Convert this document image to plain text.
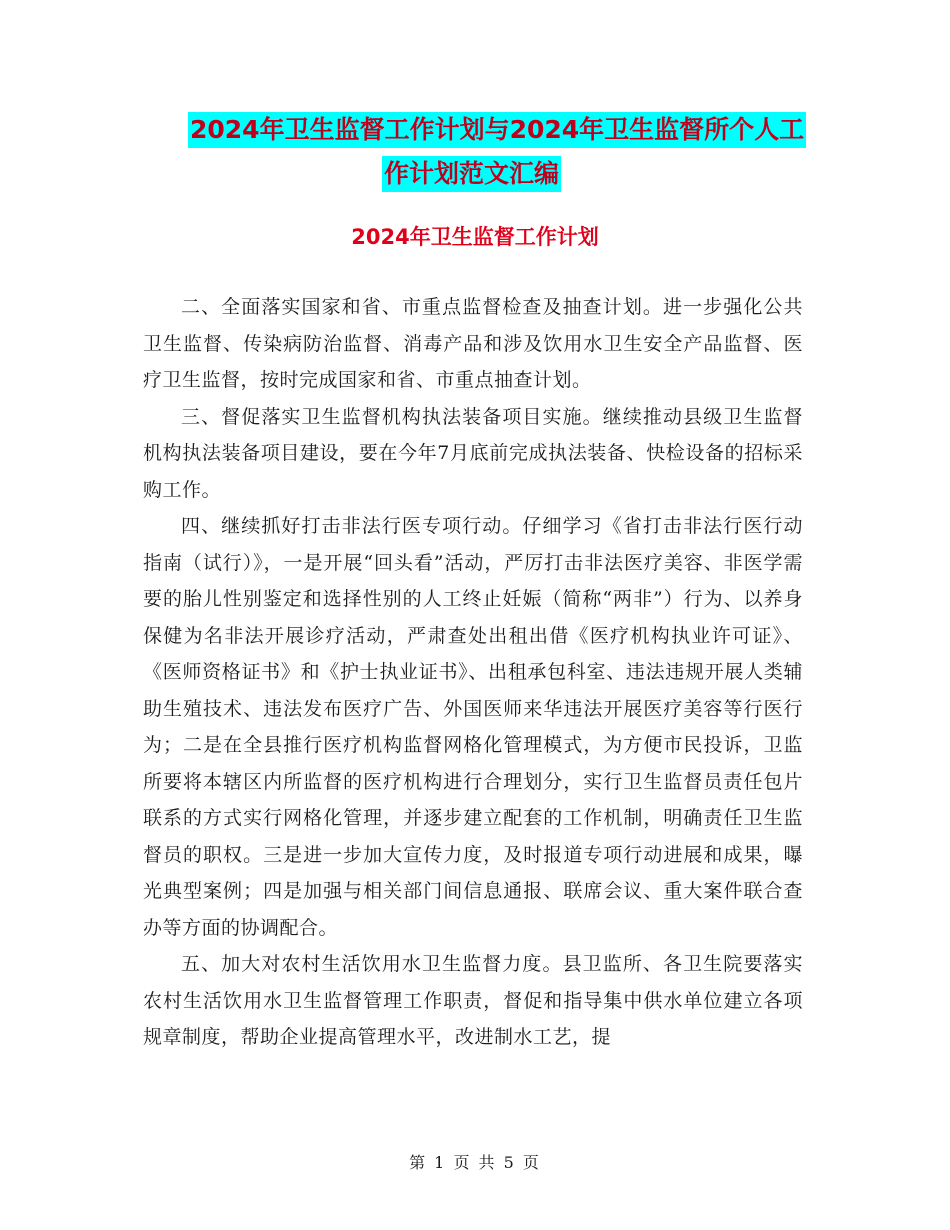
2024年卫生监督工作计划与2024年卫生监督所个人工
作计划范文汇编
2024年卫生监督工作计划

二、全面落实国家和省、市重点监督检查及抽查计划。进一步强化公共卫生监督、传染病防治监督、消毒产品和涉及饮用水卫生安全产品监督、医疗卫生监督，按时完成国家和省、市重点抽查计划。

三、督促落实卫生监督机构执法装备项目实施。继续推动县级卫生监督机构执法装备项目建设，要在今年7月底前完成执法装备、快检设备的招标采购工作。

四、继续抓好打击非法行医专项行动。仔细学习《省打击非法行医行动指南（试行）》，一是开展“回头看”活动，严厉打击非法医疗美容、非医学需要的胎儿性别鉴定和选择性别的人工终止妊娠（简称“两非”）行为、以养身保健为名非法开展诊疗活动，严肃查处出租出借《医疗机构执业许可证》、《医师资格证书》和《护士执业证书》、出租承包科室、违法违规开展人类辅助生殖技术、违法发布医疗广告、外国医师来华违法开展医疗美容等行医行为；二是在全县推行医疗机构监督网格化管理模式，为方便市民投诉，卫监所要将本辖区内所监督的医疗机构进行合理划分，实行卫生监督员责任包片联系的方式实行网格化管理，并逐步建立配套的工作机制，明确责任卫生监督员的职权。三是进一步加大宣传力度，及时报道专项行动进展和成果，曝光典型案例；四是加强与相关部门间信息通报、联席会议、重大案件联合查办等方面的协调配合。

五、加大对农村生活饮用水卫生监督力度。县卫监所、各卫生院要落实农村生活饮用水卫生监督管理工作职责，督促和指导集中供水单位建立各项规章制度，帮助企业提高管理水平，改进制水工艺，提

第 1 页 共 5 页
